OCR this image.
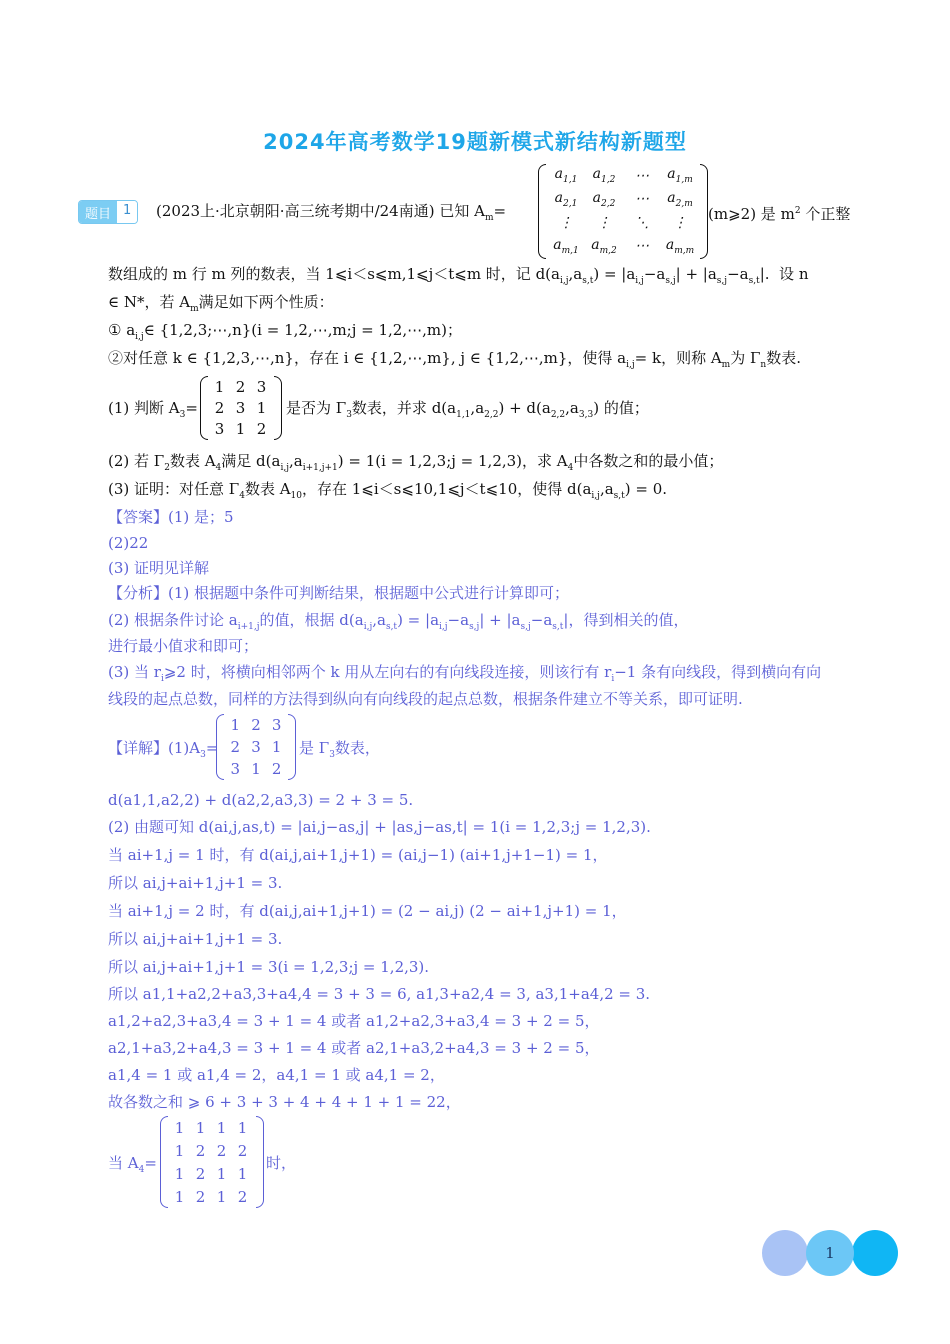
2024年高考数学19题新模式新结构新题型
题目 1	(2023上·北京朝阳·高三统考期中/24南通) 已知 $A_m=$
$a_{1,1}$	$a_{1,2}$	⋯	$a_{1,m}$
$a_{2,1}$	$a_{2,2}$	⋯	$a_{2,m}$
⋮	⋮	⋱	⋮
$a_{m,1}$	$a_{m,2}$	⋯	$a_{m,m}$
(m⩾2) 是 $m^2$ 个正整
数组成的 m 行 m 列的数表，当 1⩽i＜s⩽m,1⩽j＜t⩽m 时，记 $d(a_{i,j},a_{s,t}) = |a_{i,j}-a_{s,j}| + |a_{s,j}-a_{s,t}|$.  设 n
∈ N*，若 $A_m$满足如下两个性质：
① $a_{i,j}\in$ {1,2,3;⋯,n}(i = 1,2,⋯,m;j = 1,2,⋯,m)；
②对任意 k ∈ {1,2,3,⋯,n}，存在 i ∈ {1,2,⋯,m}, j ∈ {1,2,⋯,m}，使得 $a_{i,j}= k$，则称 $A_m$为 $\Gamma_n$数表.
(1) 判断 $A_3=$
1	2	3
2	3	1
3	1	2
是否为 $\Gamma_3$数表，并求 $d(a_{1,1},a_{2,2}) + d(a_{2,2},a_{3,3})$ 的值；
(2) 若 $\Gamma_2$数表 $A_4$满足 $d(a_{i,j},a_{i+1,j+1}) = 1(i$ = 1,2,3;j = 1,2,3)，求 $A_4$中各数之和的最小值；
(3) 证明：对任意 $\Gamma_4$数表 $A_{10}$，存在 1⩽i＜s⩽10,1⩽j＜t⩽10，使得 $d(a_{i,j},a_{s,t}) = 0$.
【答案】(1) 是；5
(2)22
(3) 证明见详解
【分析】(1) 根据题中条件可判断结果，根据题中公式进行计算即可；
(2) 根据条件讨论 $a_{i+1,j}$的值，根据 $d(a_{i,j},a_{s,t}) = |a_{i,j}-a_{s,j}| + |a_{s,j}-a_{s,t}|$，得到相关的值，
进行最小值求和即可；
(3) 当 $r_i⩾2$ 时，将横向相邻两个 k 用从左向右的有向线段连接，则该行有 $r_i-1$ 条有向线段，得到横向有向
线段的起点总数，同样的方法得到纵向有向线段的起点总数，根据条件建立不等关系，即可证明.
【详解】$(1)A_3=$
1	2	3
2	3	1
3	1	2
是 $\Gamma_3$数表，
d(a1,1,a2,2) + d(a2,2,a3,3) = 2 + 3 = 5.
(2) 由题可知 d(ai,j,as,t) = |ai,j−as,j| + |as,j−as,t| = 1(i = 1,2,3;j = 1,2,3).
当 ai+1,j = 1 时，有 d(ai,j,ai+1,j+1) = (ai,j−1) (ai+1,j+1−1) = 1，
所以 ai,j+ai+1,j+1 = 3.
当 ai+1,j = 2 时，有 d(ai,j,ai+1,j+1) = (2 − ai,j) (2 − ai+1,j+1) = 1，
所以 ai,j+ai+1,j+1 = 3.
所以 ai,j+ai+1,j+1 = 3(i = 1,2,3;j = 1,2,3).
所以 a1,1+a2,2+a3,3+a4,4 = 3 + 3 = 6, a1,3+a2,4 = 3, a3,1+a4,2 = 3.
a1,2+a2,3+a3,4 = 3 + 1 = 4 或者 a1,2+a2,3+a3,4 = 3 + 2 = 5，
a2,1+a3,2+a4,3 = 3 + 1 = 4 或者 a2,1+a3,2+a4,3 = 3 + 2 = 5，
a1,4 = 1 或 a1,4 = 2，a4,1 = 1 或 a4,1 = 2，
故各数之和 ⩾ 6 + 3 + 3 + 4 + 4 + 1 + 1 = 22，
当 $A_4=$
1	1	1	1
1	2	2	2
1	2	1	1
1	2	1	2
时，
1
